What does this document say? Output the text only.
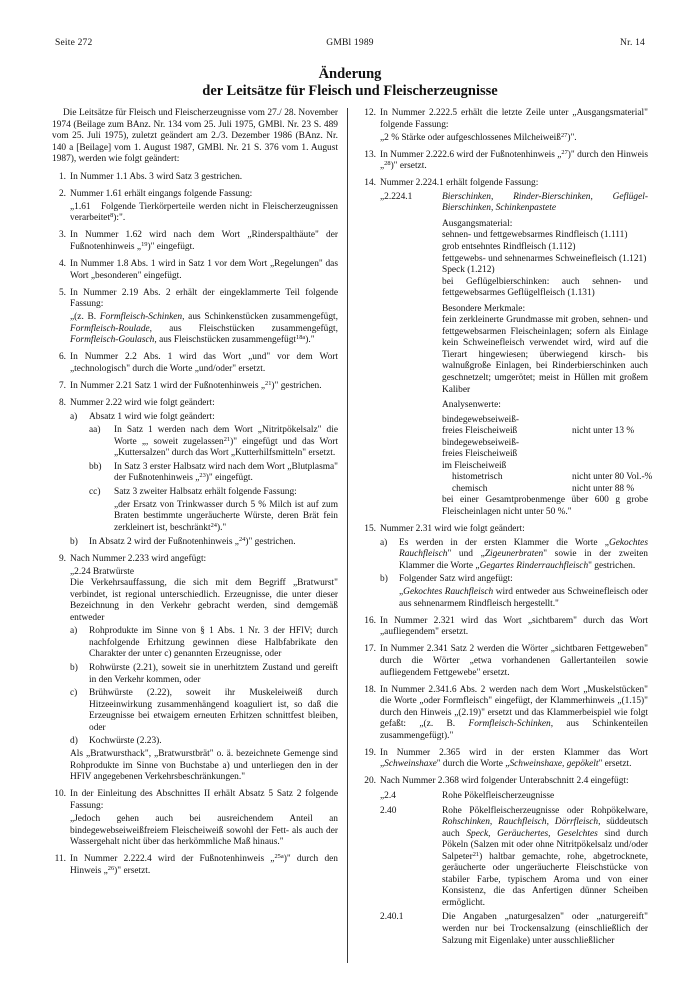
Seite 272	GMBl 1989	Nr. 14
Änderung
der Leitsätze für Fleisch und Fleischerzeugnisse

Die Leitsätze für Fleisch und Fleischerzeugnisse vom 27./ 28. November 1974 (Beilage zum BAnz. Nr. 134 vom 25. Juli 1975, GMBl. Nr. 23 S. 489 vom 25. Juli 1975), zuletzt geändert am 2./3. Dezember 1986 (BAnz. Nr. 140 a [Beilage] vom 1. August 1987, GMBl. Nr. 21 S. 376 vom 1. August 1987), werden wie folgt geändert:

1. In Nummer 1.1 Abs. 3 wird Satz 3 gestrichen.

2. Nummer 1.61 erhält eingangs folgende Fassung:

„1.61   Folgende Tierkörperteile werden nicht in Fleischerzeugnissen verarbeitet$^8$):".

3. In Nummer 1.62 wird nach dem Wort „Rinderspalthäute" der Fußnotenhinweis „$^{19}$)" eingefügt.

4. In Nummer 1.8 Abs. 1 wird in Satz 1 vor dem Wort „Regelungen" das Wort „besonderen" eingefügt.

5. In Nummer 2.19 Abs. 2 erhält der eingeklammerte Teil folgende Fassung:

„(z. B. Formfleisch-Schinken, aus Schinkenstücken zusammengefügt, Formfleisch-Roulade, aus Fleischstücken zusammengefügt, Formfleisch-Goulasch, aus Fleischstücken zusammengefügt$^{18a}$)."

6. In Nummer 2.2 Abs. 1 wird das Wort „und" vor dem Wort „technologisch" durch die Worte „und/oder" ersetzt.

7. In Nummer 2.21 Satz 1 wird der Fußnotenhinweis „$^{21}$)" gestrichen.

8. Nummer 2.22 wird wie folgt geändert:

a)	Absatz 1 wird wie folgt geändert:

aa)	In Satz 1 werden nach dem Wort „Nitritpökelsalz" die Worte „, soweit zugelassen$^{21}$)" eingefügt und das Wort „Kuttersalzen" durch das Wort „Kutterhilfsmitteln" ersetzt.

bb)	In Satz 3 erster Halbsatz wird nach dem Wort „Blutplasma" der Fußnotenhinweis „$^{23}$)" eingefügt.

cc)	Satz 3 zweiter Halbsatz erhält folgende Fassung:

„der Ersatz von Trinkwasser durch 5 % Milch ist auf zum Braten bestimmte ungeräucherte Würste, deren Brät fein zerkleinert ist, beschränkt$^{24}$)."

b)	In Absatz 2 wird der Fußnotenhinweis „$^{24}$)" gestrichen.

9. Nach Nummer 2.233 wird angefügt:

„2.24 Bratwürste

Die Verkehrsauffassung, die sich mit dem Begriff „Bratwurst" verbindet, ist regional unterschiedlich. Erzeugnisse, die unter dieser Bezeichnung in den Verkehr gebracht werden, sind demgemäß entweder

a)	Rohprodukte im Sinne von § 1 Abs. 1 Nr. 3 der HFlV; durch nachfolgende Erhitzung gewinnen diese Halbfabrikate den Charakter der unter c) genannten Erzeugnisse, oder

b)	Rohwürste (2.21), soweit sie in unerhitztem Zustand und gereift in den Verkehr kommen, oder

c)	Brühwürste (2.22), soweit ihr Muskeleiweiß durch Hitzeeinwirkung zusammenhängend koaguliert ist, so daß die Erzeugnisse bei etwaigem erneuten Erhitzen schnittfest bleiben, oder

d)	Kochwürste (2.23).

Als „Bratwursthack", „Bratwurstbrät" o. ä. bezeichnete Gemenge sind Rohprodukte im Sinne von Buchstabe a) und unterliegen den in der HFlV angegebenen Verkehrsbeschränkungen."

10. In der Einleitung des Abschnittes II erhält Absatz 5 Satz 2 folgende Fassung:

„Jedoch gehen auch bei ausreichendem Anteil an bindegewebseiweißfreiem Fleischeiweiß sowohl der Fett- als auch der Wassergehalt nicht über das herkömmliche Maß hinaus."

11. In Nummer 2.222.4 wird der Fußnotenhinweis „$^{25a}$)" durch den Hinweis „$^{26}$)" ersetzt.

12. In Nummer 2.222.5 erhält die letzte Zeile unter „Ausgangsmaterial" folgende Fassung:

„2 % Stärke oder aufgeschlossenes Milcheiweiß$^{27}$)".

13. In Nummer 2.222.6 wird der Fußnotenhinweis „$^{27}$)" durch den Hinweis „$^{28}$)" ersetzt.

14. Nummer 2.224.1 erhält folgende Fassung:

„2.224.1	Bierschinken, Rinder-Bierschinken, Geflügel-Bierschinken, Schinkenpastete
Ausgangsmaterial:
sehnen- und fettgewebsarmes Rindfleisch (1.111)
grob entsehntes Rindfleisch (1.112)
fettgewebs- und sehnenarmes Schweinefleisch (1.121)
Speck (1.212)
bei Geflügelbierschinken: auch sehnen- und fettgewebsarmes Geflügelfleisch (1.131)
Besondere Merkmale:
fein zerkleinerte Grundmasse mit groben, sehnen- und fettgewebsarmen Fleischeinlagen; sofern als Einlage kein Schweinefleisch verwendet wird, wird auf die Tierart hingewiesen; überwiegend kirsch- bis walnußgroße Einlagen, bei Rinderbierschinken auch geschnetzelt; umgerötet; meist in Hüllen mit großem Kaliber
Analysenwerte:
bindegewebseiweiß-
freies Fleischeiweiß	nicht unter 13 %
bindegewebseiweiß-
freies Fleischeiweiß
im Fleischeiweiß
histometrisch	nicht unter 80 Vol.-%
chemisch	nicht unter 88 %
bei einer Gesamtprobenmenge über 600 g grobe Fleischeinlagen nicht unter 50 %."
15. Nummer 2.31 wird wie folgt geändert:

a)	Es werden in der ersten Klammer die Worte „Gekochtes Rauchfleisch" und „Zigeunerbraten" sowie in der zweiten Klammer die Worte „Gegartes Rinderrauchfleisch" gestrichen.

b)	Folgender Satz wird angefügt:

„Gekochtes Rauchfleisch wird entweder aus Schweinefleisch oder aus sehnenarmem Rindfleisch hergestellt."

16. In Nummer 2.321 wird das Wort „sichtbarem" durch das Wort „aufliegendem" ersetzt.

17. In Nummer 2.341 Satz 2 werden die Wörter „sichtbaren Fettgeweben" durch die Wörter „etwa vorhandenen Gallertanteilen sowie aufliegendem Fettgewebe" ersetzt.

18. In Nummer 2.341.6 Abs. 2 werden nach dem Wort „Muskelstücken" die Worte „oder Formfleisch" eingefügt, der Klammerhinweis „(1.15)" durch den Hinweis „(2.19)" ersetzt und das Klammerbeispiel wie folgt gefaßt: „(z. B. Formfleisch-Schinken, aus Schinkenteilen zusammengefügt)."

19. In Nummer 2.365 wird in der ersten Klammer das Wort „Schweinshaxe" durch die Worte „Schweinshaxe, gepökelt" ersetzt.

20. Nach Nummer 2.368 wird folgender Unterabschnitt 2.4 eingefügt:

„2.4	Rohe Pökelfleischerzeugnisse
2.40	Rohe Pökelfleischerzeugnisse oder Rohpökelware, Rohschinken, Rauchfleisch, Dörrfleisch, süddeutsch auch Speck, Geräuchertes, Geselchtes sind durch Pökeln (Salzen mit oder ohne Nitritpökelsalz und/oder Salpeter$^{21}$) haltbar gemachte, rohe, abgetrocknete, geräucherte oder ungeräucherte Fleischstücke von stabiler Farbe, typischem Aroma und von einer Konsistenz, die das Anfertigen dünner Scheiben ermöglicht.
2.40.1	Die Angaben „naturgesalzen" oder „naturgereift" werden nur bei Trockensalzung (einschließlich der Salzung mit Eigenlake) unter ausschließlicher
